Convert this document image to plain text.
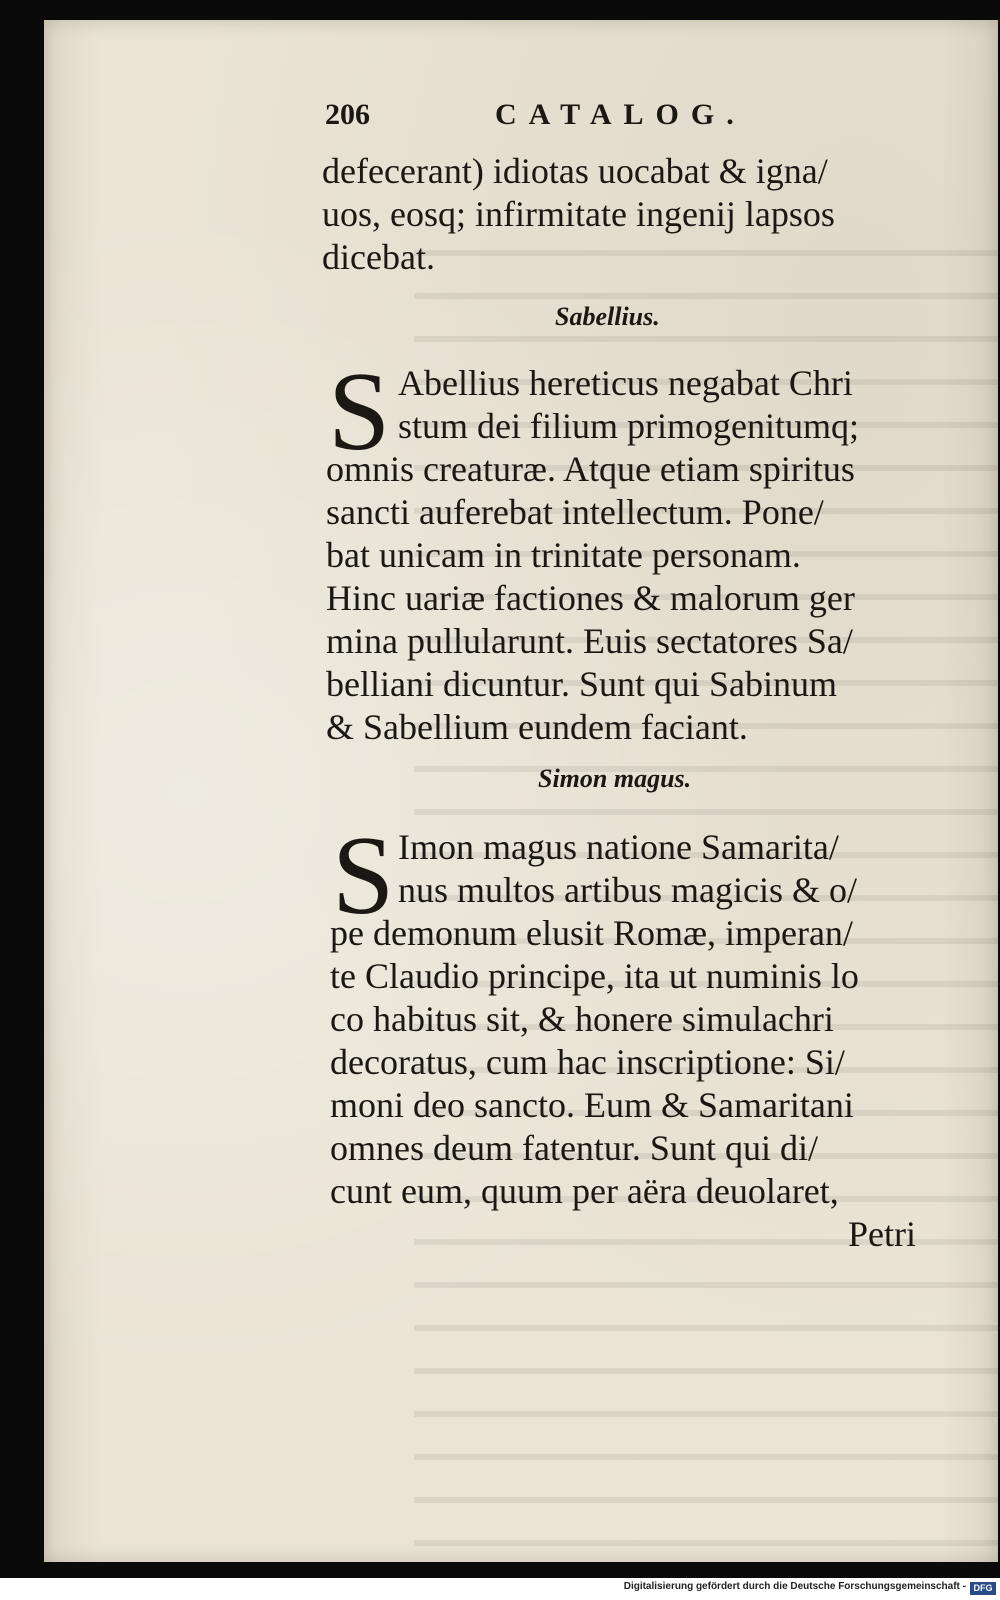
206	CATALOG.
defecerant) idiotas uocabat & igna/
uos, eosq; infirmitate ingenij lapsos
dicebat.
Sabellius.
S Abellius hereticus negabat Chri
stum dei filium primogenitumq;
omnis creaturæ. Atque etiam spiritus
sancti auferebat intellectum. Pone/
bat unicam in trinitate personam.
Hinc uariæ factiones & malorum ger
mina pullularunt. Euis sectatores Sa/
belliani dicuntur. Sunt qui Sabinum
& Sabellium eundem faciant.
Simon magus.
S Imon magus natione Samarita/
nus multos artibus magicis & o/
pe demonum elusit Romæ, imperan/
te Claudio principe, ita ut numinis lo
co habitus sit, & honere simulachri
decoratus, cum hac inscriptione: Si/
moni deo sancto. Eum & Samaritani
omnes deum fatentur. Sunt qui di/
cunt eum, quum per aëra deuolaret,
Petri
Digitalisierung gefördert durch die Deutsche Forschungsgemeinschaft - DFG
